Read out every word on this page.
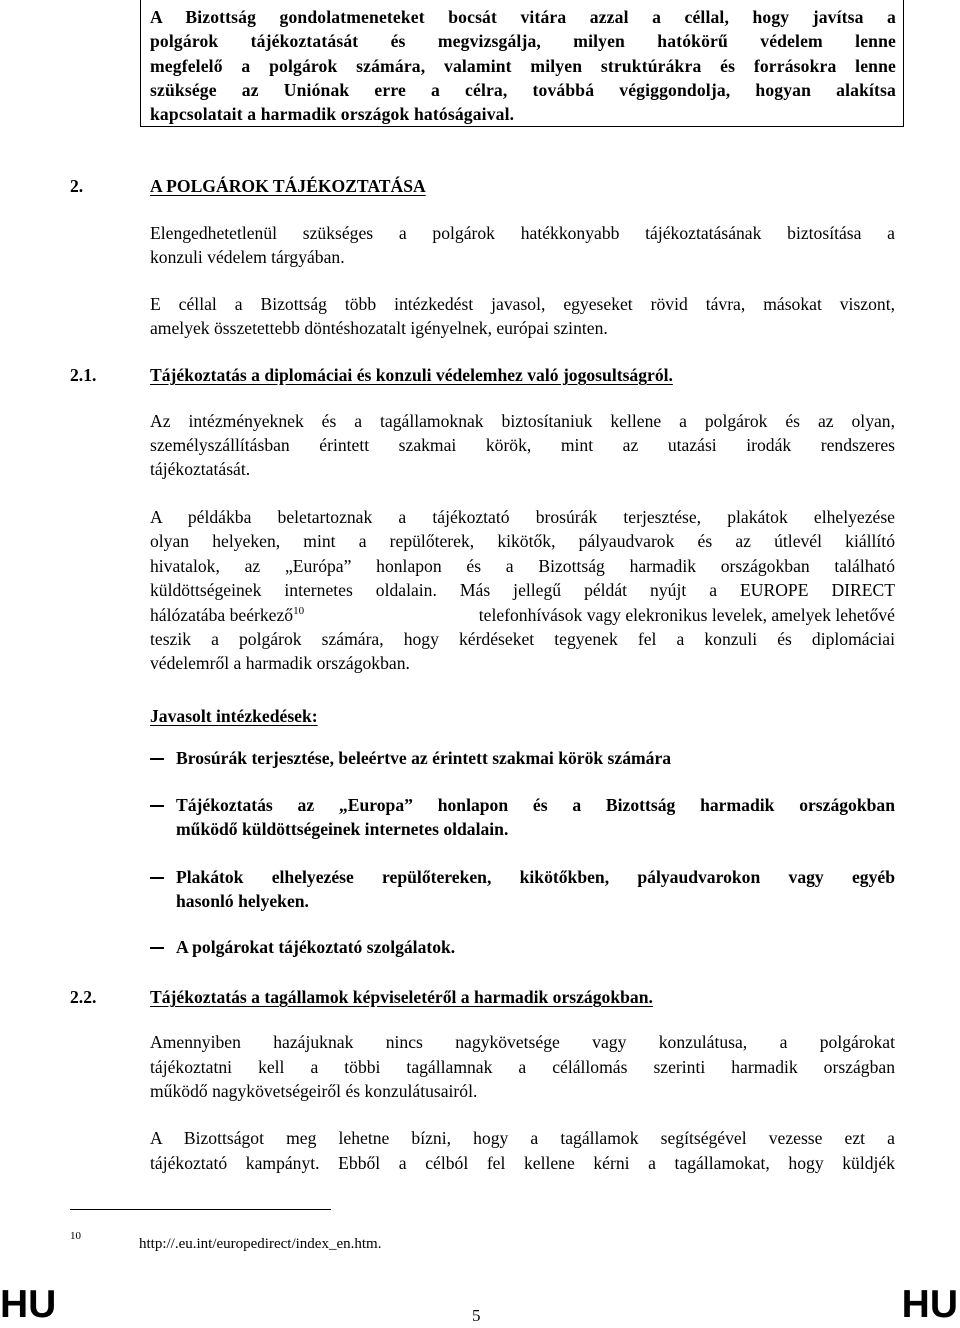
A Bizottság gondolatmeneteket bocsát vitára azzal a céllal, hogy javítsa a
polgárok tájékoztatását és megvizsgálja, milyen hatókörű védelem lenne
megfelelő a polgárok számára, valamint milyen struktúrákra és forrásokra lenne
szüksége az Uniónak erre a célra, továbbá végiggondolja, hogyan alakítsa
kapcsolatait a harmadik országok hatóságaival.
2.	A POLGÁROK TÁJÉKOZTATÁSA
Elengedhetetlenül szükséges a polgárok hatékkonyabb tájékoztatásának biztosítása a
konzuli védelem tárgyában.
E céllal a Bizottság több intézkedést javasol, egyeseket rövid távra, másokat viszont,
amelyek összetettebb döntéshozatalt igényelnek, európai szinten.
2.1.	Tájékoztatás a diplomáciai és konzuli védelemhez való jogosultságról.
Az intézményeknek és a tagállamoknak biztosítaniuk kellene a polgárok és az olyan,
személyszállításban érintett szakmai körök, mint az utazási irodák rendszeres
tájékoztatását.
A példákba beletartoznak a tájékoztató brosúrák terjesztése, plakátok elhelyezése
olyan helyeken, mint a repülőterek, kikötők, pályaudvarok és az útlevél kiállító
hivatalok, az „Európa” honlapon és a Bizottság harmadik országokban található
küldöttségeinek internetes oldalain. Más jellegű példát nyújt a EUROPE DIRECT
hálózatába beérkező$^{10}$	telefonhívások vagy elekronikus levelek, amelyek lehetővé
teszik a polgárok számára, hogy kérdéseket tegyenek fel a konzuli és diplomáciai
védelemről a harmadik országokban.
Javasolt intézkedések:
Brosúrák terjesztése, beleértve az érintett szakmai körök számára
Tájékoztatás az „Europa” honlapon és a Bizottság harmadik országokban
működő küldöttségeinek internetes oldalain.
Plakátok elhelyezése repülőtereken, kikötőkben, pályaudvarokon vagy egyéb
hasonló helyeken.
A polgárokat tájékoztató szolgálatok.
2.2.	Tájékoztatás a tagállamok képviseletéről a harmadik országokban.
Amennyiben hazájuknak nincs nagykövetsége vagy konzulátusa, a polgárokat
tájékoztatni kell a többi tagállamnak a célállomás szerinti harmadik országban
működő nagykövetségeiről és konzulátusairól.
A Bizottságot meg lehetne bízni, hogy a tagállamok segítségével vezesse ezt a
tájékoztató kampányt. Ebből a célból fel kellene kérni a tagállamokat, hogy küldjék
10	http://.eu.int/europedirect/index_en.htm.
HU	5	HU
